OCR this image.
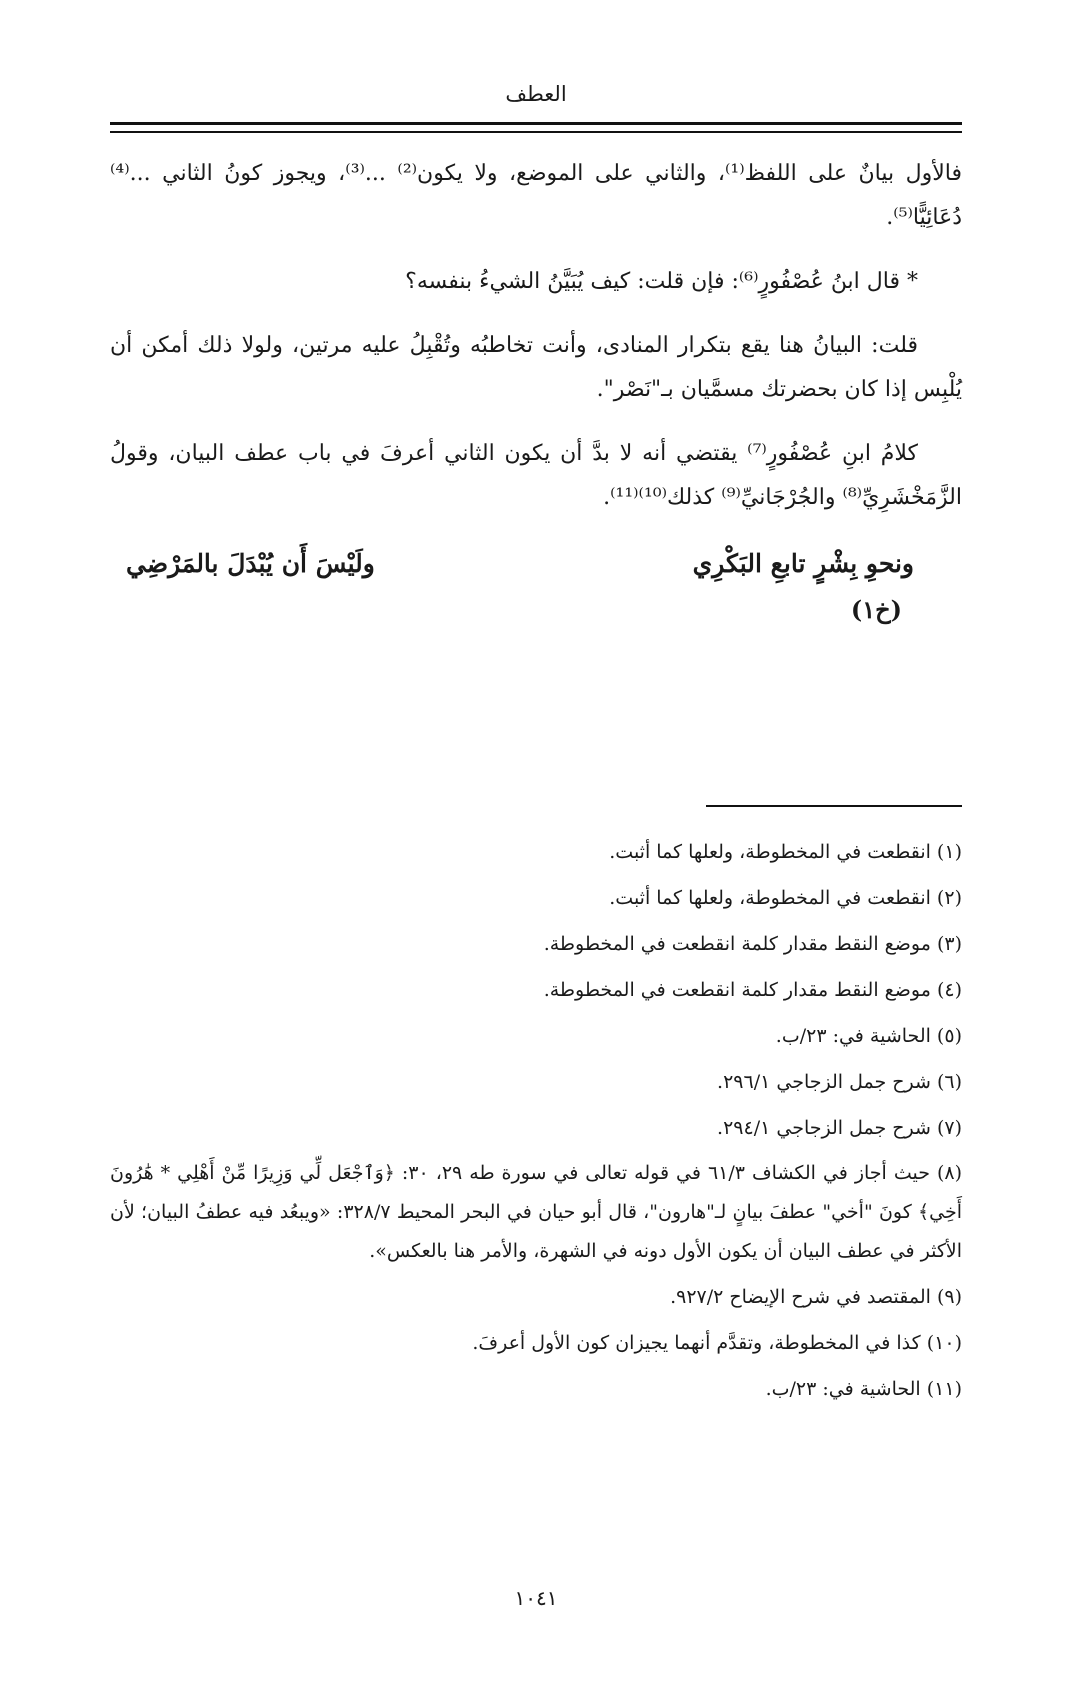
العطف

فالأول بيانٌ على اللفظ⁽¹⁾، والثاني على الموضع، ولا يكون⁽²⁾ ...⁽³⁾، ويجوز كونُ الثاني ...⁽⁴⁾ دُعَائِيًّا⁽⁵⁾.

* قال ابنُ عُصْفُورٍ⁽⁶⁾: فإن قلت: كيف يُبَيَّنُ الشيءُ بنفسه؟

قلت: البيانُ هنا يقع بتكرار المنادى، وأنت تخاطبُه وتُقْبِلُ عليه مرتين، ولولا ذلك أمكن أن يُلْبِس إذا كان بحضرتك مسمَّيان بـ"نَصْر".

كلامُ ابنِ عُصْفُورٍ⁽⁷⁾ يقتضي أنه لا بدَّ أن يكون الثاني أعرفَ في باب عطف البيان، وقولُ الزَّمَخْشَرِيِّ⁽⁸⁾ والجُرْجَانيِّ⁽⁹⁾ كذلك⁽¹⁰⁾⁽¹¹⁾.

ونحوِ بِشْرٍ تابعِ البَكْرِي
ولَيْسَ أَن يُبْدَلَ بالمَرْضِي
(خ١)

(١) انقطعت في المخطوطة، ولعلها كما أثبت.

(٢) انقطعت في المخطوطة، ولعلها كما أثبت.

(٣) موضع النقط مقدار كلمة انقطعت في المخطوطة.

(٤) موضع النقط مقدار كلمة انقطعت في المخطوطة.

(٥) الحاشية في: ٢٣/ب.

(٦) شرح جمل الزجاجي ٢٩٦/١.

(٧) شرح جمل الزجاجي ٢٩٤/١.

(٨) حيث أجاز في الكشاف ٦١/٣ في قوله تعالى في سورة طه ٢٩، ٣٠: ﴿وَٱجْعَل لِّي وَزِيرًا مِّنْ أَهْلِي * هَٰرُونَ أَخِي﴾ كونَ "أخي" عطفَ بيانٍ لـ"هارون"، قال أبو حيان في البحر المحيط ٣٢٨/٧: «ويبعُد فيه عطفُ البيان؛ لأن الأكثر في عطف البيان أن يكون الأول دونه في الشهرة، والأمر هنا بالعكس».

(٩) المقتصد في شرح الإيضاح ٩٢٧/٢.

(١٠) كذا في المخطوطة، وتقدَّم أنهما يجيزان كون الأول أعرفَ.

(١١) الحاشية في: ٢٣/ب.

١٠٤١
